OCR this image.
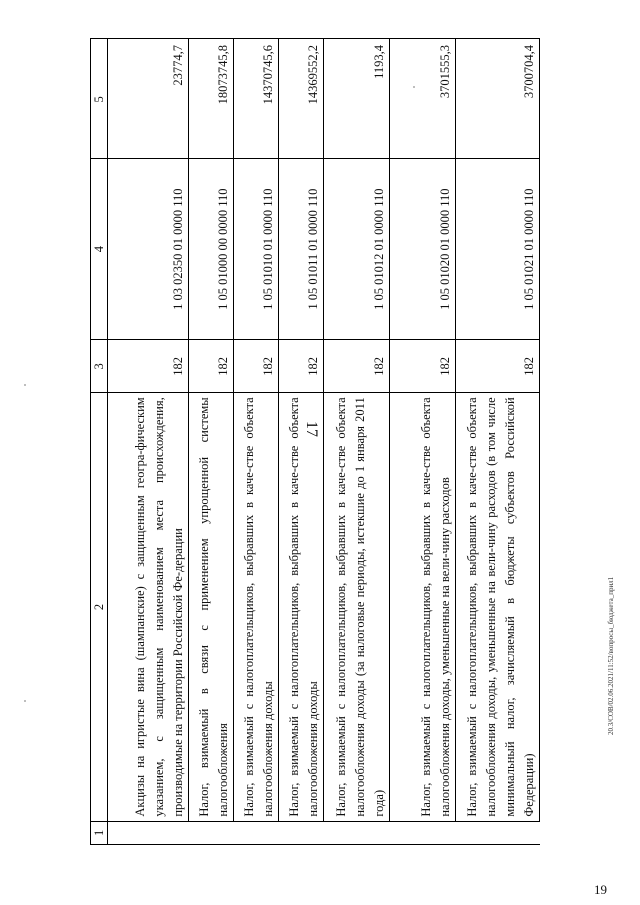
17
1	2	3	4	5
	Акцизы на игристые вина (шампанские) с защищенным геогра-фическим указанием, с защищенным наименованием места происхождения, производимые на территории Российской Фе-дерации	182	1 03 02350 01 0000 110	23774,7
	Налог, взимаемый в связи с применением упрощенной системы налогообложения	182	1 05 01000 00 0000 110	18073745,8
	Налог, взимаемый с налогоплательщиков, выбравших в каче-стве объекта налогообложения доходы	182	1 05 01010 01 0000 110	14370745,6
	Налог, взимаемый с налогоплательщиков, выбравших в каче-стве объекта налогообложения доходы	182	1 05 01011 01 0000 110	14369552,2
	Налог, взимаемый с налогоплательщиков, выбравших в каче-стве объекта налогообложения доходы (за налоговые периоды, истекшие до 1 января 2011 года)	182	1 05 01012 01 0000 110	1193,4
	Налог, взимаемый с налогоплательщиков, выбравших в каче-стве объекта налогообложения доходы, уменьшенные на вели-чину расходов	182	1 05 01020 01 0000 110	3701555,3
	Налог, взимаемый с налогоплательщиков, выбравших в каче-стве объекта налогообложения доходы, уменьшенные на вели-чину расходов (в том числе минимальный налог, зачисляемый в бюджеты субъектов Российской Федерации)	182	1 05 01021 01 0000 110	3700704,4
20.3/СОВ/02.06.2021/11:52/вопросы_бюджета_прил1
19
